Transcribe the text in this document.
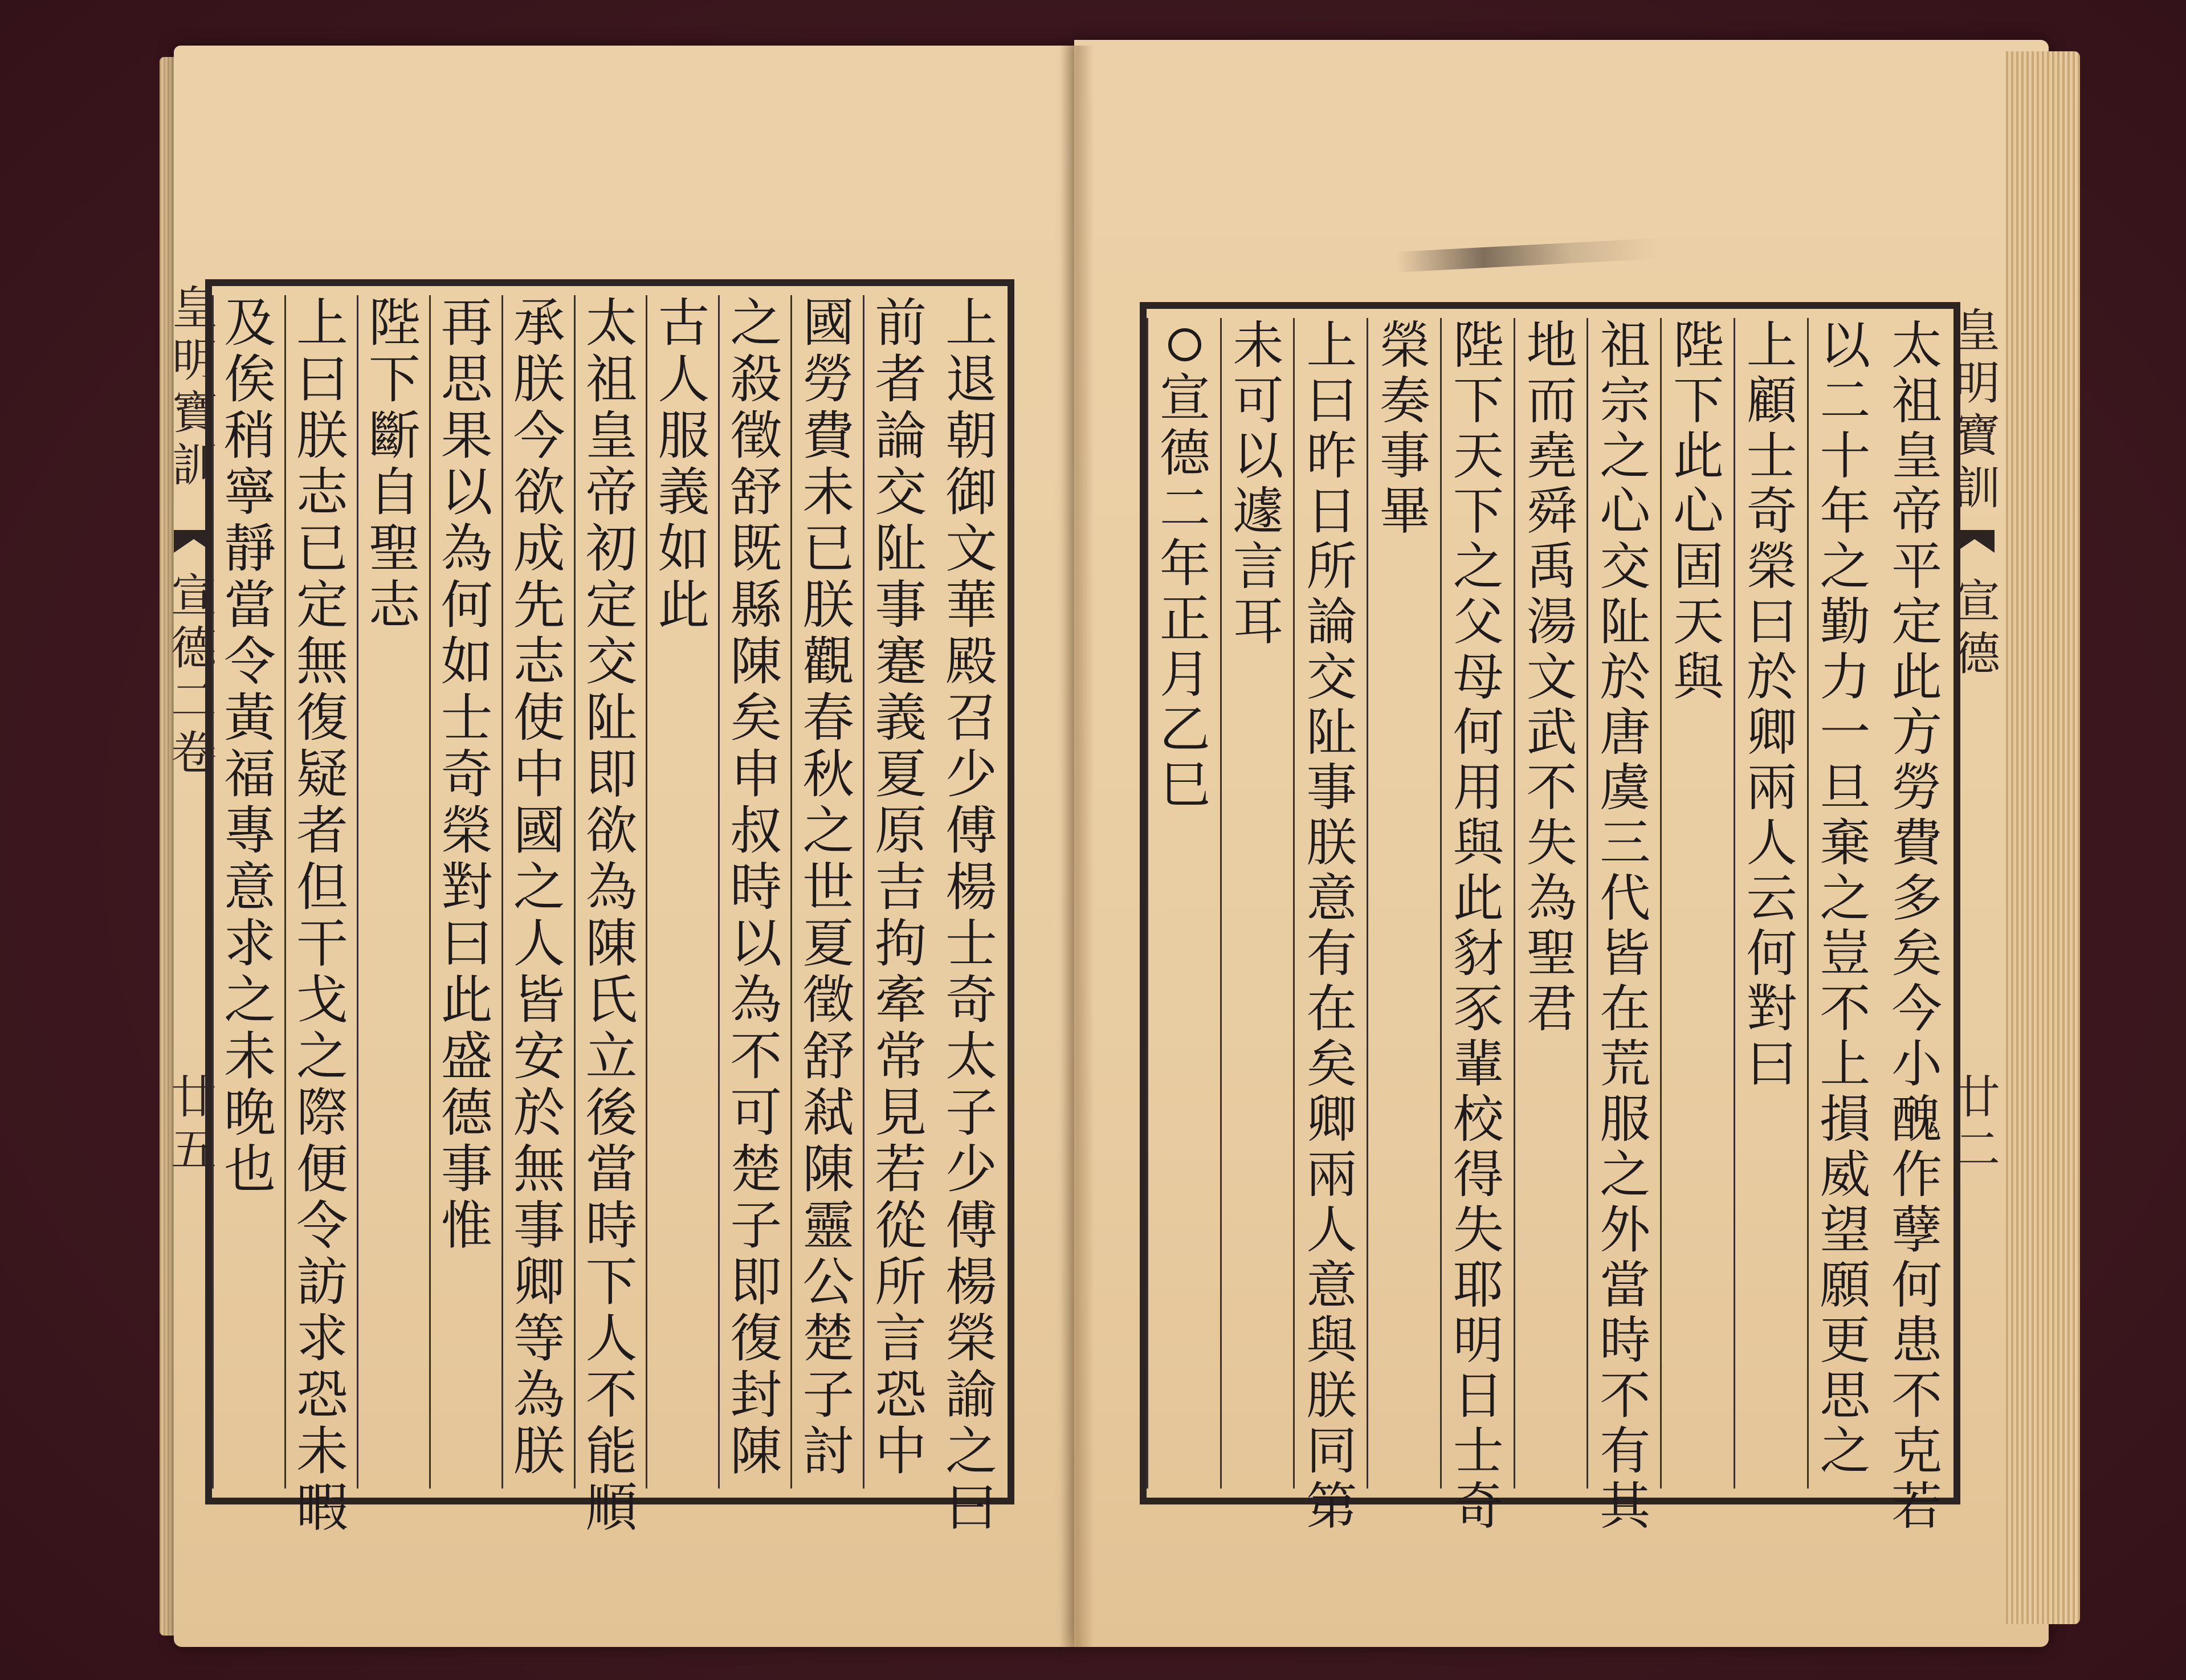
皇
明
寶
訓
宣
德
二
卷
廿
五
上
退
朝
御
文
華
殿
召
少
傅
楊
士
奇
太
子
少
傅
楊
榮
諭
之
曰
前
者
論
交
阯
事
蹇
義
夏
原
吉
拘
牽
常
見
若
從
所
言
恐
中
國
勞
費
未
已
朕
觀
春
秋
之
世
夏
徵
舒
弒
陳
靈
公
楚
子
討
之
殺
徵
舒
既
縣
陳
矣
申
叔
時
以
為
不
可
楚
子
即
復
封
陳
古
人
服
義
如
此
太
祖
皇
帝
初
定
交
阯
即
欲
為
陳
氏
立
後
當
時
下
人
不
能
順
承
朕
今
欲
成
先
志
使
中
國
之
人
皆
安
於
無
事
卿
等
為
朕
再
思
果
以
為
何
如
士
奇
榮
對
曰
此
盛
德
事
惟
陛
下
斷
自
聖
志
上
曰
朕
志
已
定
無
復
疑
者
但
干
戈
之
際
便
令
訪
求
恐
未
暇
及
俟
稍
寧
靜
當
令
黃
福
專
意
求
之
未
晚
也
皇
明
寶
訓
宣
德
廿
二
太
祖
皇
帝
平
定
此
方
勞
費
多
矣
今
小
醜
作
孽
何
患
不
克
若
以
二
十
年
之
勤
力
一
旦
棄
之
豈
不
上
損
威
望
願
更
思
之
上
顧
士
奇
榮
曰
於
卿
兩
人
云
何
對
曰
陛
下
此
心
固
天
與
祖
宗
之
心
交
阯
於
唐
虞
三
代
皆
在
荒
服
之
外
當
時
不
有
其
地
而
堯
舜
禹
湯
文
武
不
失
為
聖
君
陛
下
天
下
之
父
母
何
用
與
此
豺
豕
輩
校
得
失
耶
明
日
士
奇
榮
奏
事
畢
上
曰
昨
日
所
論
交
阯
事
朕
意
有
在
矣
卿
兩
人
意
與
朕
同
第
未
可
以
遽
言
耳
宣
德
二
年
正
月
乙
巳
